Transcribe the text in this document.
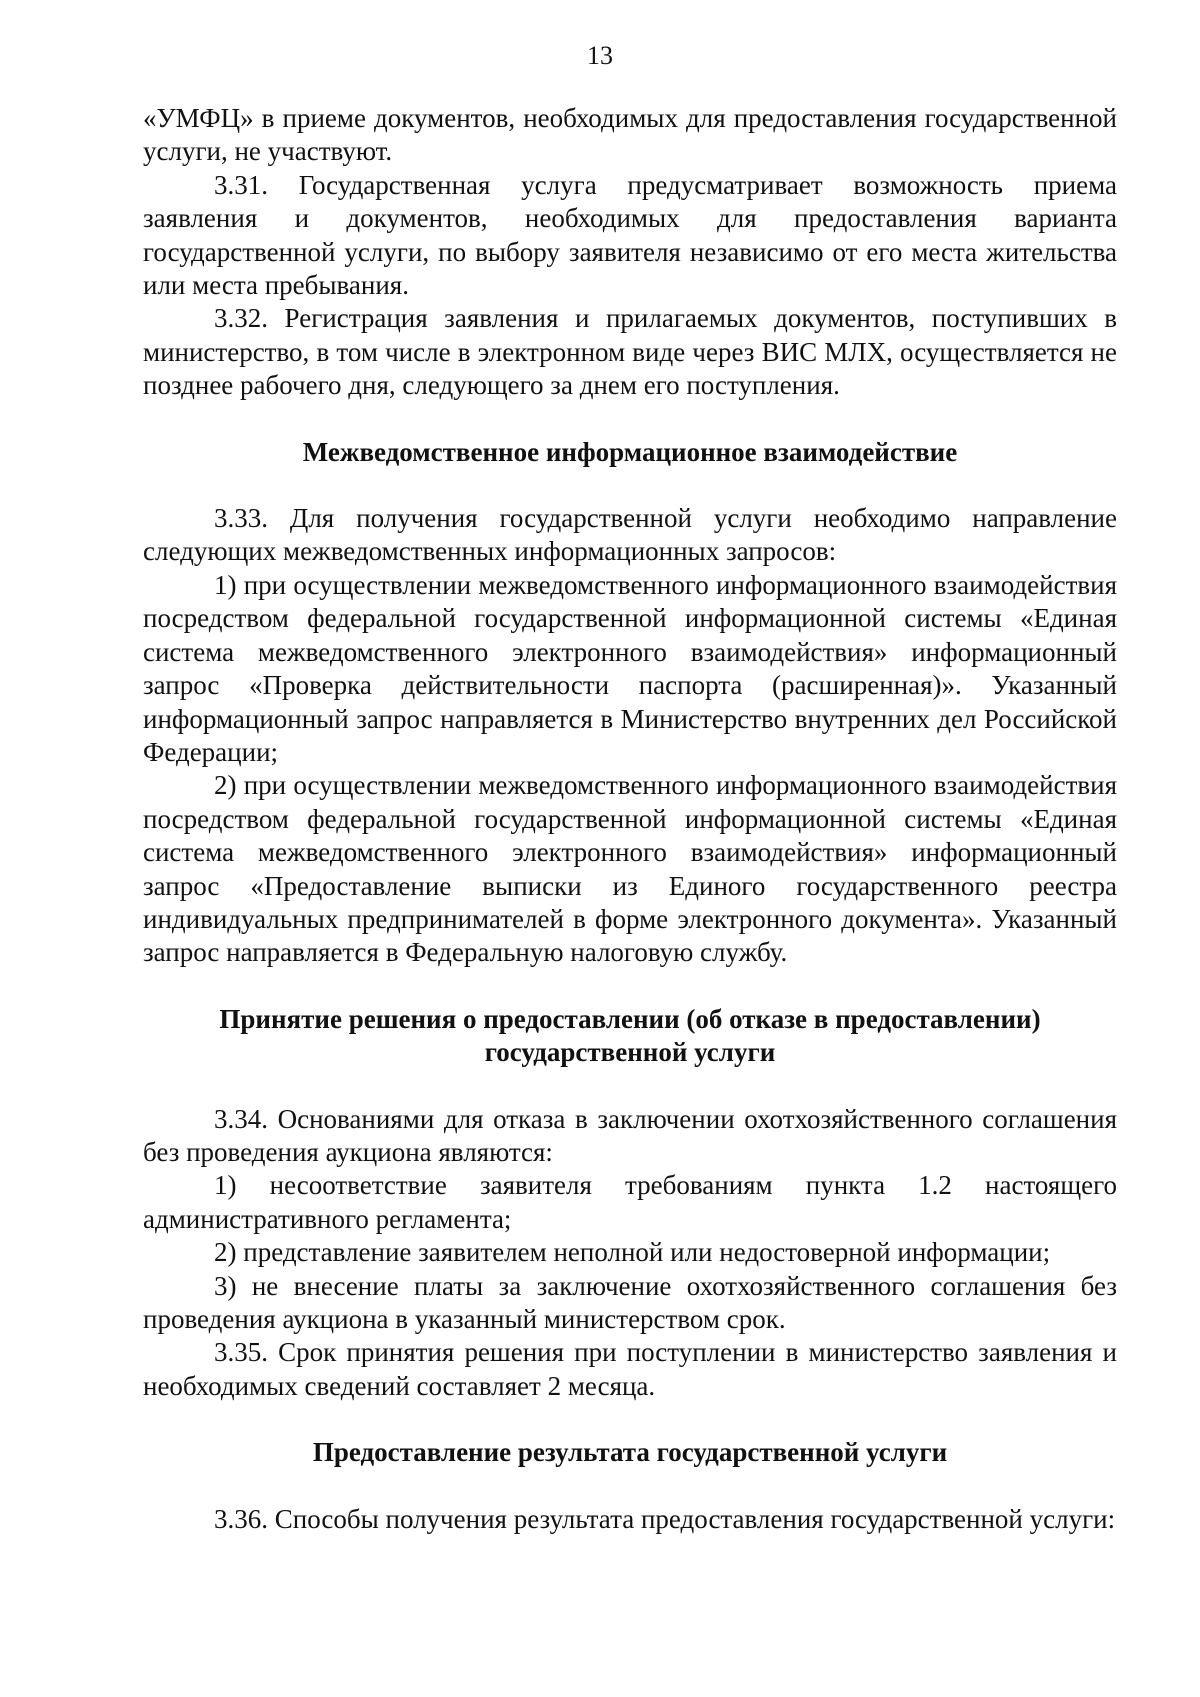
13

«УМФЦ» в приеме документов, необходимых для предоставления государственной услуги, не участвуют.

3.31. Государственная услуга предусматривает возможность приема заявления и документов, необходимых для предоставления варианта государственной услуги, по выбору заявителя независимо от его места жительства или места пребывания.

3.32. Регистрация заявления и прилагаемых документов, поступивших в министерство, в том числе в электронном виде через ВИС МЛХ, осуществляется не позднее рабочего дня, следующего за днем его поступления.

Межведомственное информационное взаимодействие

3.33. Для получения государственной услуги необходимо направление следующих межведомственных информационных запросов:

1) при осуществлении межведомственного информационного взаимодействия посредством федеральной государственной информационной системы «Единая система межведомственного электронного взаимодействия» информационный запрос «Проверка действительности паспорта (расширенная)». Указанный информационный запрос направляется в Министерство внутренних дел Российской Федерации;

2) при осуществлении межведомственного информационного взаимодействия посредством федеральной государственной информационной системы «Единая система межведомственного электронного взаимодействия» информационный запрос «Предоставление выписки из Единого государственного реестра индивидуальных предпринимателей в форме электронного документа». Указанный запрос направляется в Федеральную налоговую службу.

Принятие решения о предоставлении (об отказе в предоставлении)

государственной услуги

3.34. Основаниями для отказа в заключении охотхозяйственного соглашения без проведения аукциона являются:

1) несоответствие заявителя требованиям пункта 1.2 настоящего административного регламента;

2) представление заявителем неполной или недостоверной информации;

3) не внесение платы за заключение охотхозяйственного соглашения без проведения аукциона в указанный министерством срок.

3.35. Срок принятия решения при поступлении в министерство заявления и необходимых сведений составляет 2 месяца.

Предоставление результата государственной услуги

3.36. Способы получения результата предоставления государственной услуги:
